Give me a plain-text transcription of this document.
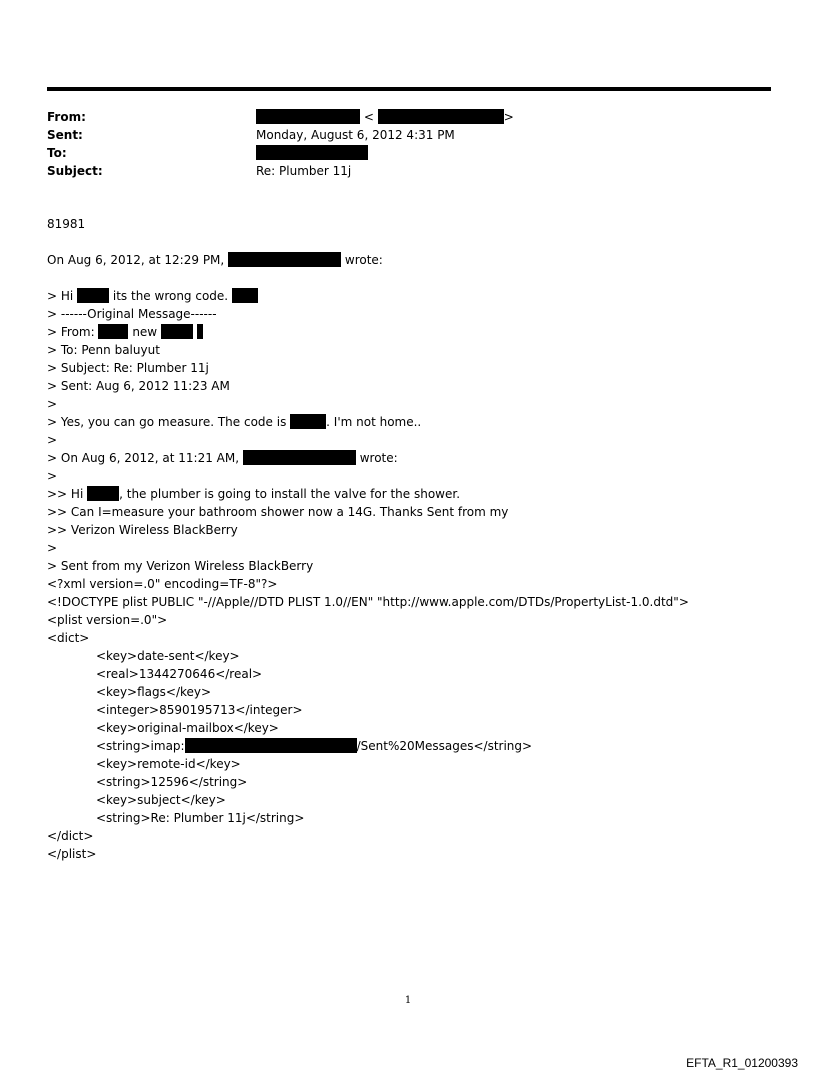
From:	<	>
Sent:	Monday, August 6, 2012 4:31 PM
To:
Subject:	Re: Plumber 11j
81981
On Aug 6, 2012, at 12:29 PM,	wrote:
> Hi	its the wrong code.
> ------Original Message------
> From:	new
> To: Penn baluyut
> Subject: Re: Plumber 11j
> Sent: Aug 6, 2012 11:23 AM
>
> Yes, you can go measure. The code is	. I'm not home..
>
> On Aug 6, 2012, at 11:21 AM,	wrote:
>
>> Hi	, the plumber is going to install the valve for the shower.
>> Can I=measure your bathroom shower now a 14G. Thanks Sent from my
>> Verizon Wireless BlackBerry
>
> Sent from my Verizon Wireless BlackBerry
<?xml version=.0" encoding=TF-8"?>
<!DOCTYPE plist PUBLIC "-//Apple//DTD PLIST 1.0//EN" "http://www.apple.com/DTDs/PropertyList-1.0.dtd">
<plist version=.0">
<dict>
<key>date-sent</key>
<real>1344270646</real>
<key>flags</key>
<integer>8590195713</integer>
<key>original-mailbox</key>
<string>imap:	/Sent%20Messages</string>
<key>remote-id</key>
<string>12596</string>
<key>subject</key>
<string>Re: Plumber 11j</string>
</dict>
</plist>
1
EFTA_R1_01200393
